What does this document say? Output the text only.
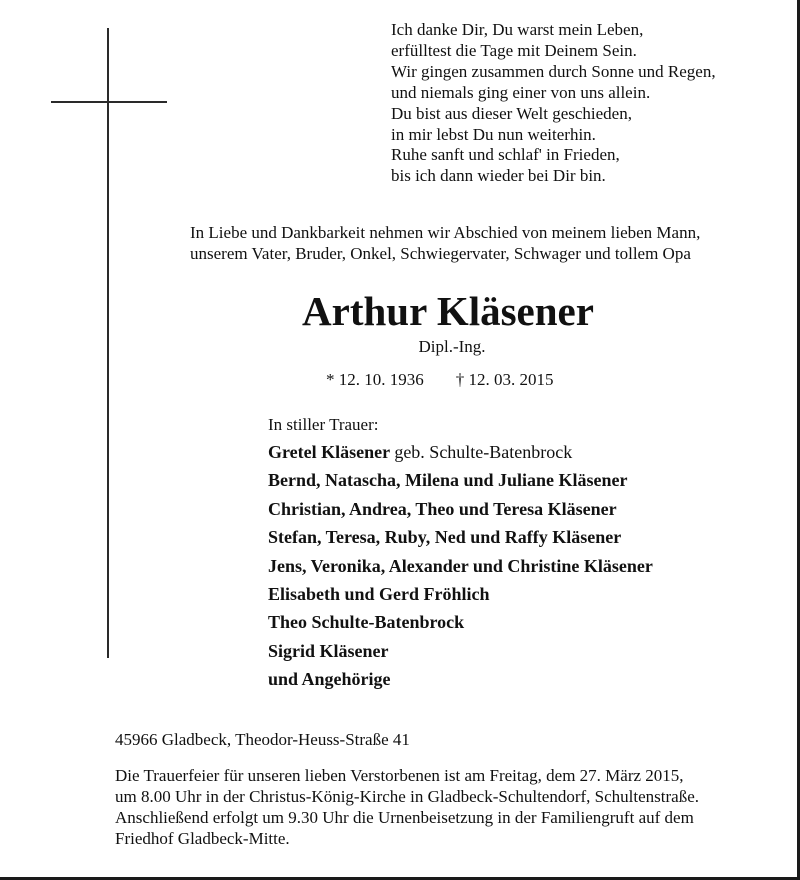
Ich danke Dir, Du warst mein Leben,
erfülltest die Tage mit Deinem Sein.
Wir gingen zusammen durch Sonne und Regen,
und niemals ging einer von uns allein.
Du bist aus dieser Welt geschieden,
in mir lebst Du nun weiterhin.
Ruhe sanft und schlaf' in Frieden,
bis ich dann wieder bei Dir bin.
In Liebe und Dankbarkeit nehmen wir Abschied von meinem lieben Mann,
unserem Vater, Bruder, Onkel, Schwiegervater, Schwager und tollem Opa
Arthur Kläsener
Dipl.-Ing.
* 12. 10. 1936 † 12. 03. 2015
In stiller Trauer:
Gretel Kläsener geb. Schulte-Batenbrock
Bernd, Natascha, Milena und Juliane Kläsener
Christian, Andrea, Theo und Teresa Kläsener
Stefan, Teresa, Ruby, Ned und Raffy Kläsener
Jens, Veronika, Alexander und Christine Kläsener
Elisabeth und Gerd Fröhlich
Theo Schulte-Batenbrock
Sigrid Kläsener
und Angehörige
45966 Gladbeck, Theodor-Heuss-Straße 41
Die Trauerfeier für unseren lieben Verstorbenen ist am Freitag, dem 27. März 2015,
um 8.00 Uhr in der Christus-König-Kirche in Gladbeck-Schultendorf, Schultenstraße.
Anschließend erfolgt um 9.30 Uhr die Urnenbeisetzung in der Familiengruft auf dem
Friedhof Gladbeck-Mitte.
